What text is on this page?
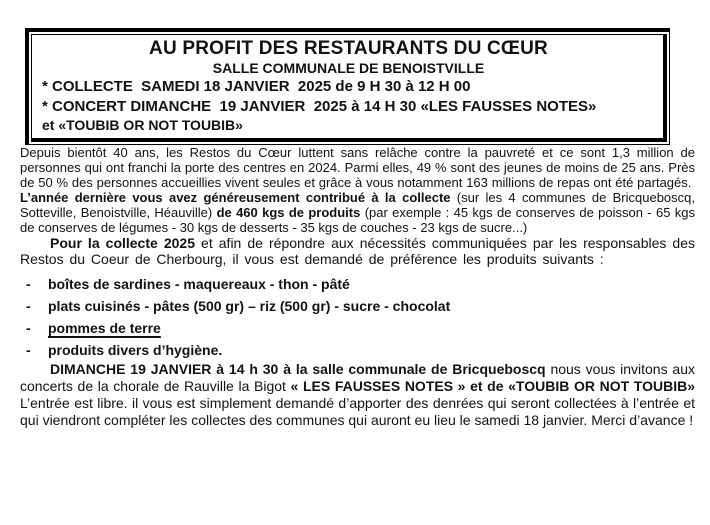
AU PROFIT DES RESTAURANTS DU CŒUR
SALLE COMMUNALE DE BENOISTVILLE
* COLLECTE  SAMEDI 18 JANVIER  2025 de 9 H 30 à 12 H 00
* CONCERT DIMANCHE  19 JANVIER  2025 à 14 H 30 «LES FAUSSES NOTES»
et «TOUBIB OR NOT TOUBIB»

Depuis bientôt 40 ans, les Restos du Cœur luttent sans relâche contre la pauvreté et ce sont 1,3 million de personnes qui ont franchi la porte des centres en 2024. Parmi elles, 49 % sont des jeunes de moins de 25 ans. Près de 50 % des personnes accueillies vivent seules et grâce à vous notamment 163 millions de repas ont été partagés.  L’année dernière vous avez généreusement contribué à la collecte (sur les 4 communes de Bricqueboscq, Sotteville, Benoistville, Héauville) de 460 kgs de produits (par exemple : 45 kgs de conserves de poisson - 65 kgs de conserves de légumes - 30 kgs de desserts - 35 kgs de couches - 23 kgs de sucre...)

Pour la collecte 2025 et afin de répondre aux nécessités communiquées par les responsables des Restos du Coeur de Cherbourg, il vous est demandé de préférence les produits suivants :

-	boîtes de sardines - maquereaux - thon - pâté
-	plats cuisinés - pâtes (500 gr) – riz (500 gr) - sucre - chocolat
-	pommes de terre
-	produits divers d’hygiène.

DIMANCHE 19 JANVIER à 14 h 30 à la salle communale de Bricqueboscq nous vous invitons aux concerts de la chorale de Rauville la Bigot « LES FAUSSES NOTES » et de «TOUBIB OR NOT TOUBIB» L’entrée est libre. il vous est simplement demandé d’apporter des denrées qui seront collectées à l’entrée et qui viendront compléter les collectes des communes qui auront eu lieu le samedi 18 janvier. Merci d’avance !
